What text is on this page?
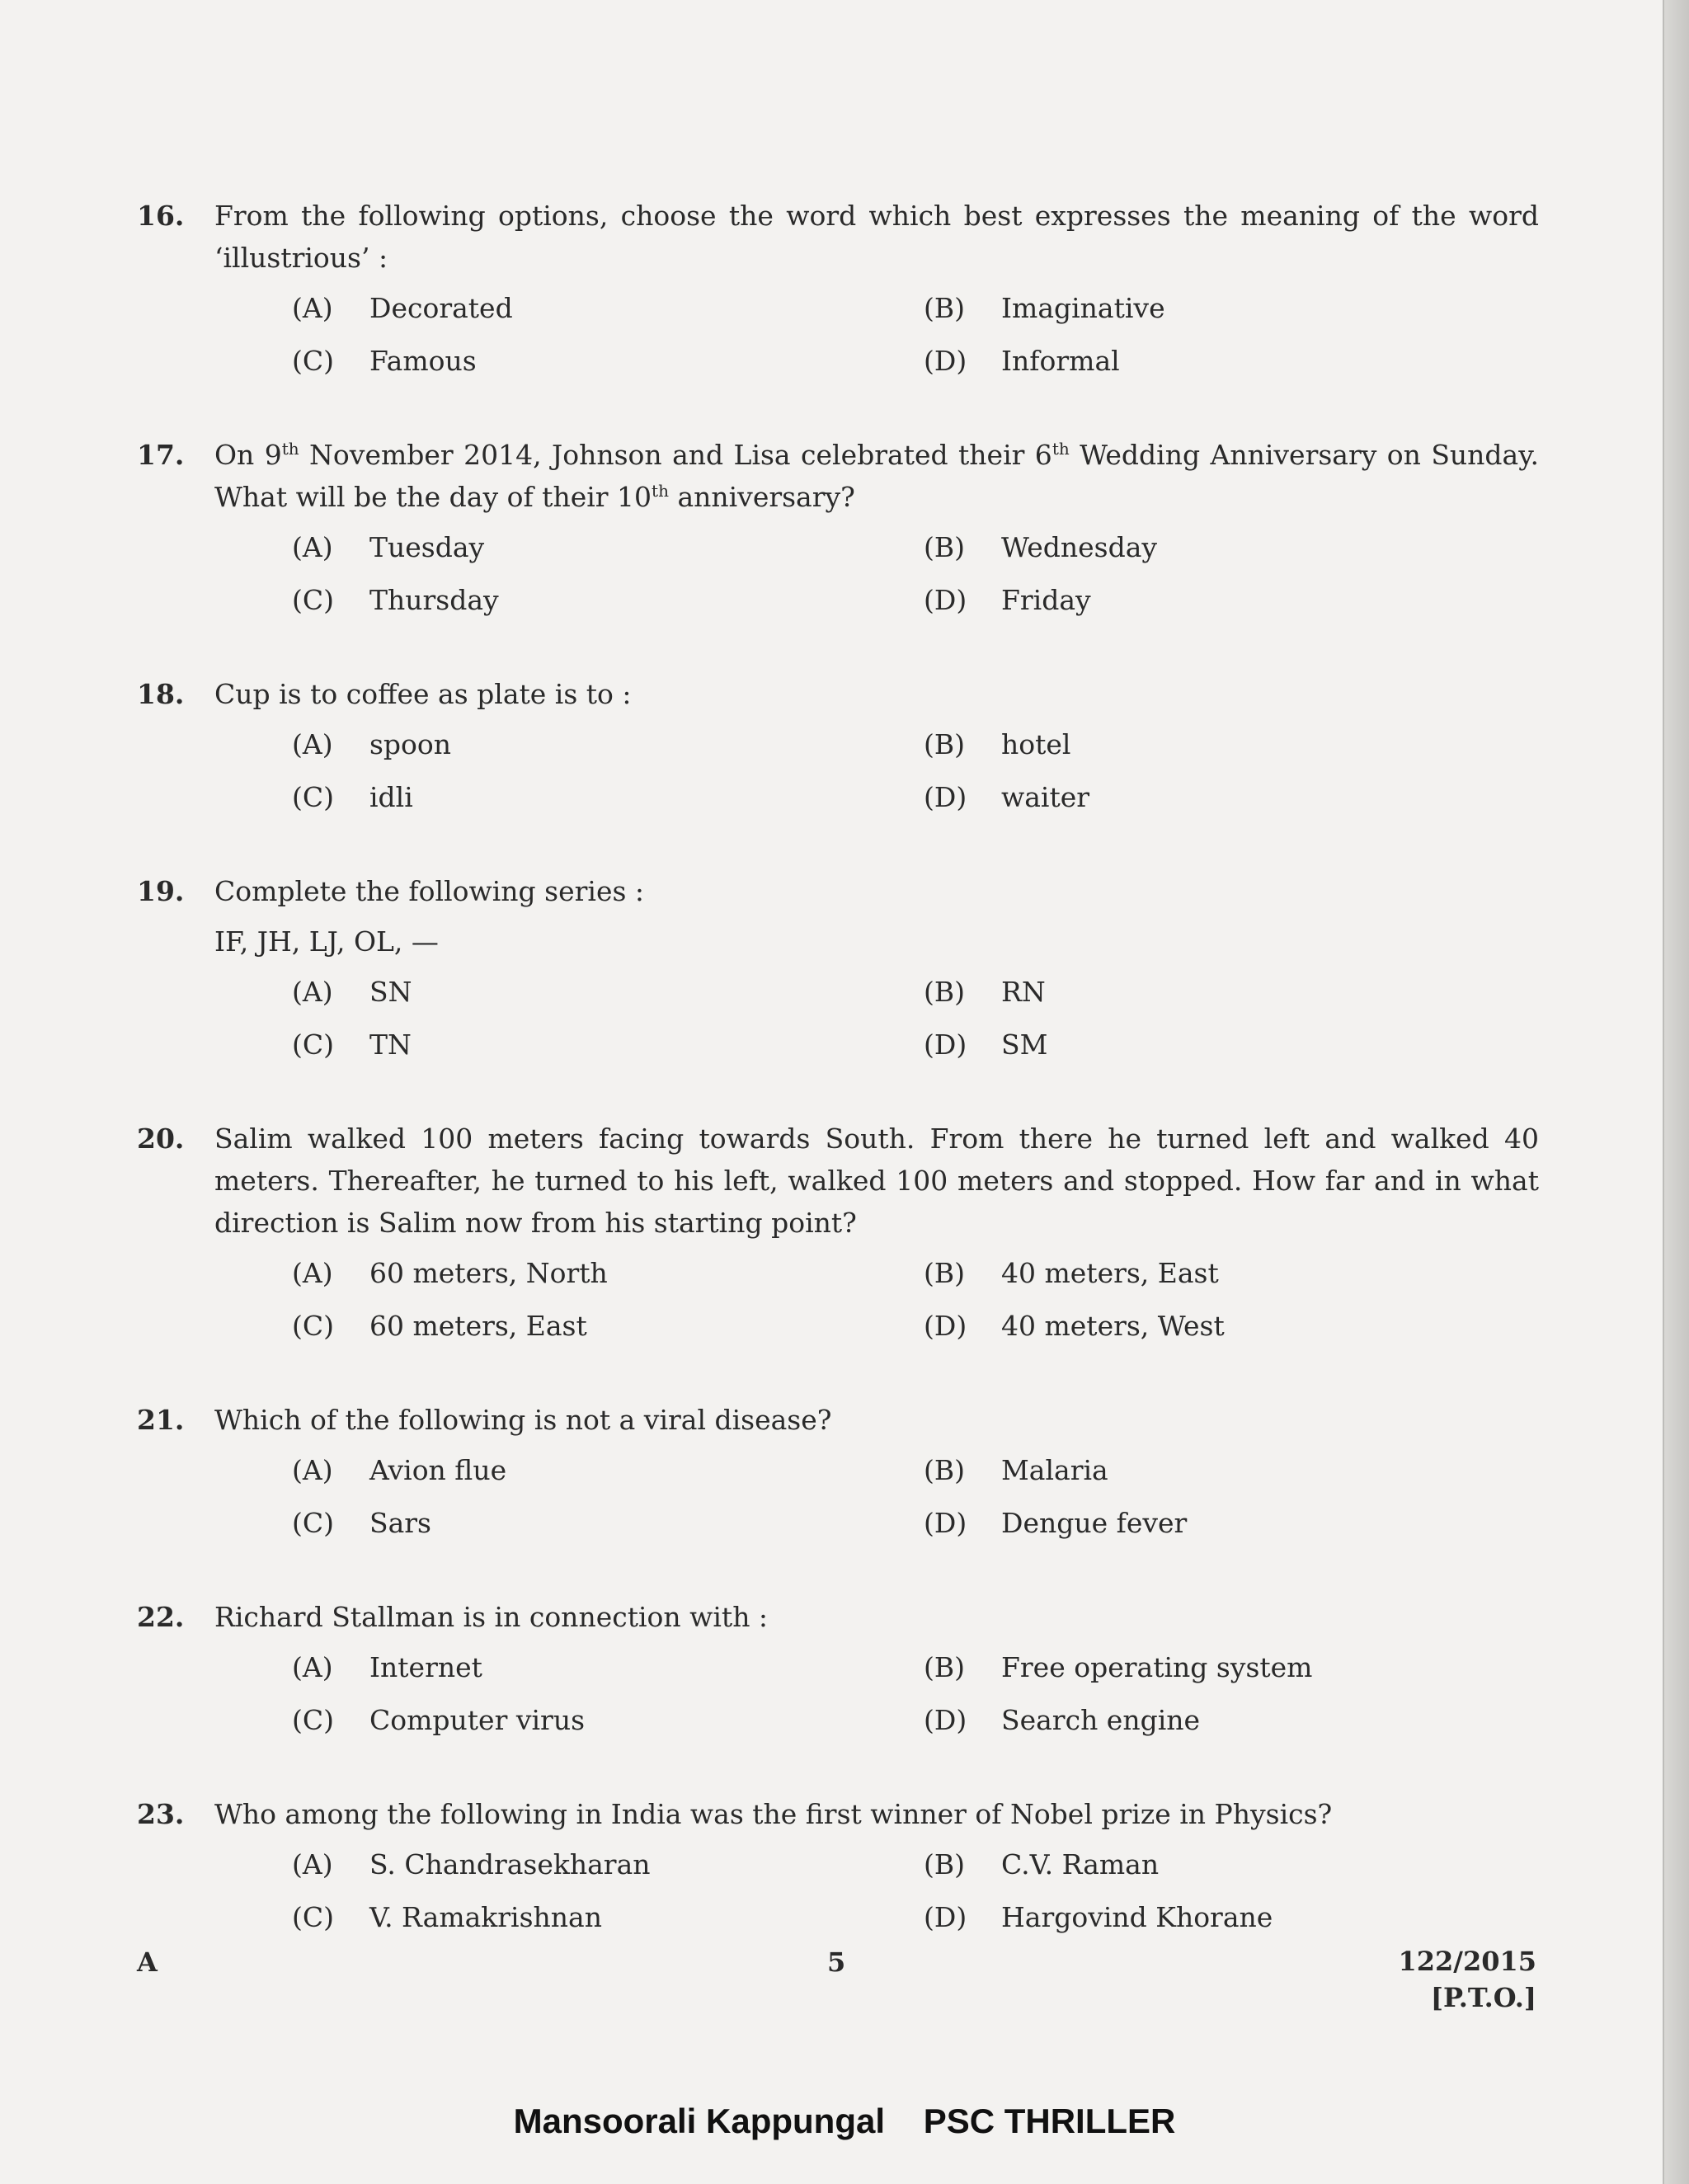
16.	From the following options, choose the word which best expresses the meaning of the word ‘illustrious’ :
(A)	Decorated	(B)	Imaginative
(C)	Famous	(D)	Informal
17.	On 9th November 2014, Johnson and Lisa celebrated their 6th Wedding Anniversary on Sunday. What will be the day of their 10th anniversary?
(A)	Tuesday	(B)	Wednesday
(C)	Thursday	(D)	Friday
18.	Cup is to coffee as plate is to :
(A)	spoon	(B)	hotel
(C)	idli	(D)	waiter
19.	Complete the following series :
IF, JH, LJ, OL, —
(A)	SN	(B)	RN
(C)	TN	(D)	SM
20.	Salim walked 100 meters facing towards South. From there he turned left and walked 40 meters. Thereafter, he turned to his left, walked 100 meters and stopped. How far and in what direction is Salim now from his starting point?
(A)	60 meters, North	(B)	40 meters, East
(C)	60 meters, East	(D)	40 meters, West
21.	Which of the following is not a viral disease?
(A)	Avion flue	(B)	Malaria
(C)	Sars	(D)	Dengue fever
22.	Richard Stallman is in connection with :
(A)	Internet	(B)	Free operating system
(C)	Computer virus	(D)	Search engine
23.	Who among the following in India was the first winner of Nobel prize in Physics?
(A)	S. Chandrasekharan	(B)	C.V. Raman
(C)	V. Ramakrishnan	(D)	Hargovind Khorane
A	5	122/2015
[P.T.O.]
Mansoorali Kappungal    PSC THRILLER
